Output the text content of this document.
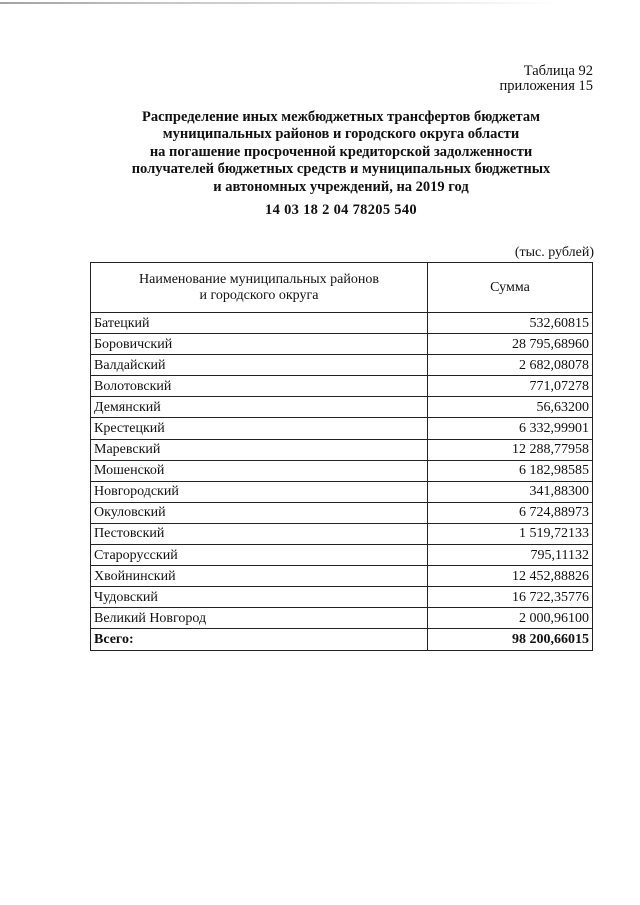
Таблица 92
приложения 15
Распределение иных межбюджетных трансфертов бюджетам
муниципальных районов и городского округа области
на погашение просроченной кредиторской задолженности
получателей бюджетных средств и муниципальных бюджетных
и автономных учреждений, на 2019 год
14 03 18 2 04 78205 540
(тыс. рублей)
Наименование муниципальных районов
и городского округа	Сумма
Батецкий	532,60815
Боровичский	28 795,68960
Валдайский	2 682,08078
Волотовский	771,07278
Демянский	56,63200
Крестецкий	6 332,99901
Маревский	12 288,77958
Мошенской	6 182,98585
Новгородский	341,88300
Окуловский	6 724,88973
Пестовский	1 519,72133
Старорусский	795,11132
Хвойнинский	12 452,88826
Чудовский	16 722,35776
Великий Новгород	2 000,96100
Всего:	98 200,66015
